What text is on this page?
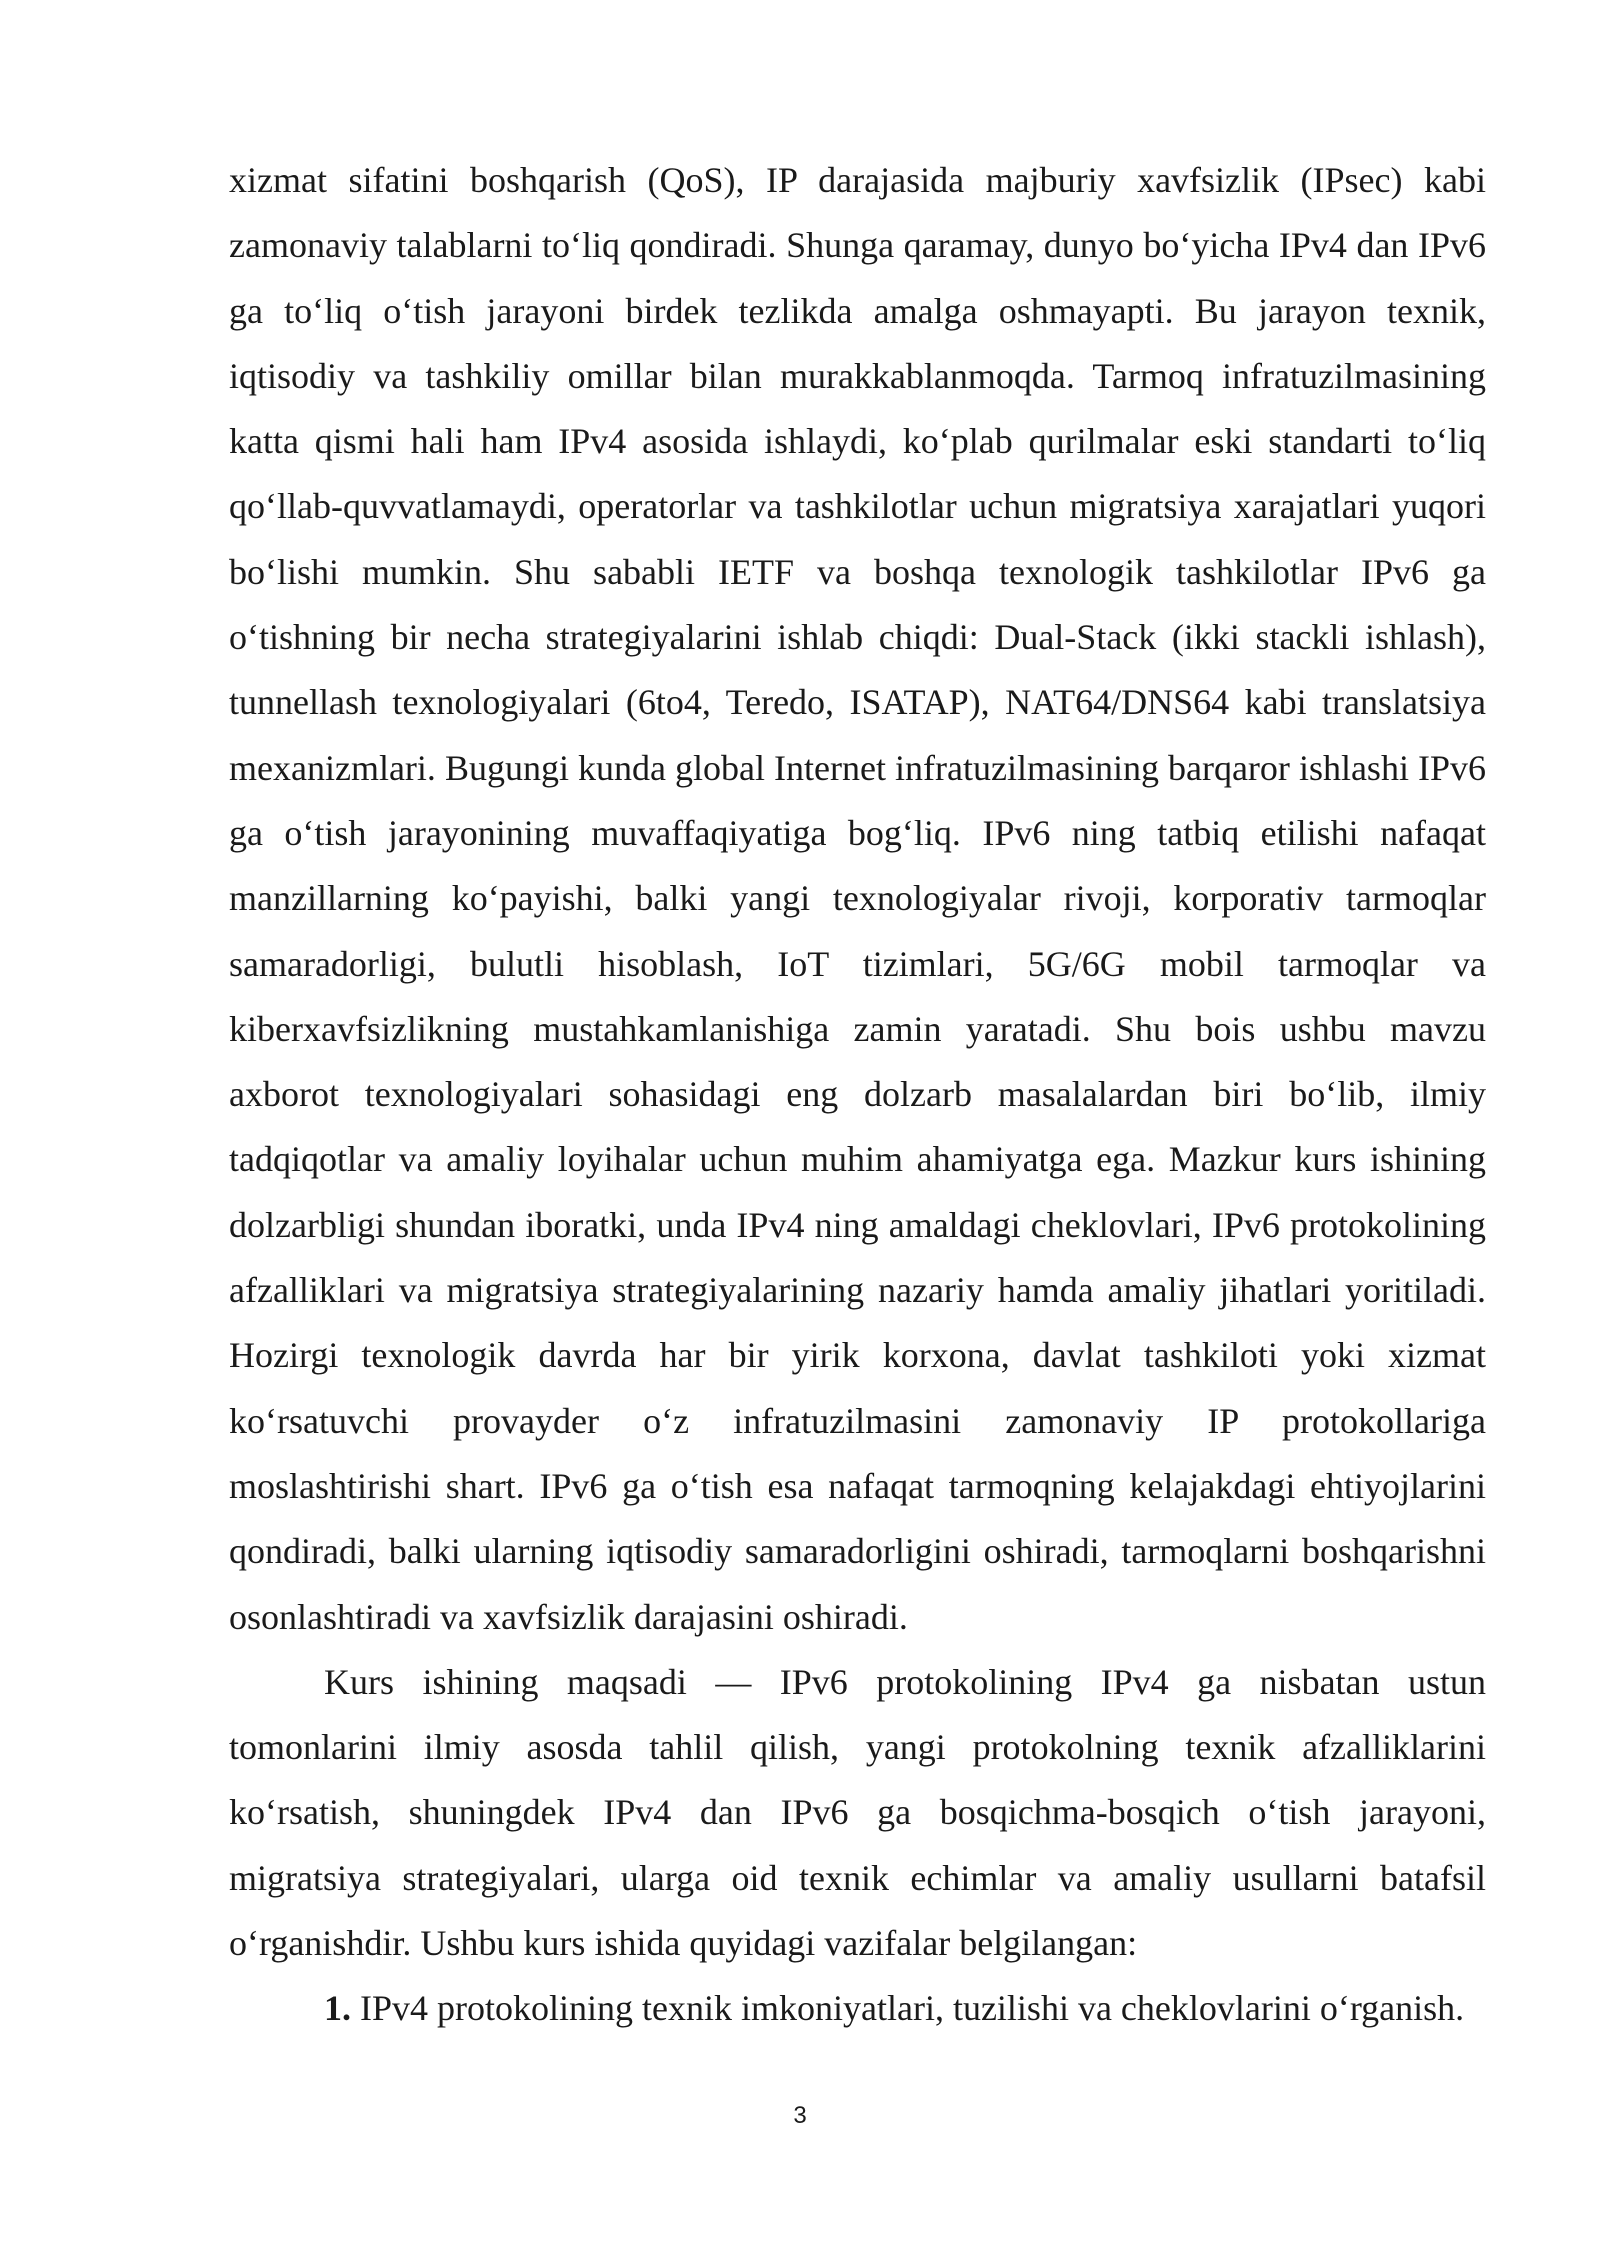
xizmat sifatini boshqarish (QoS), IP darajasida majburiy xavfsizlik (IPsec) kabi zamonaviy talablarni to‘liq qondiradi. Shunga qaramay, dunyo bo‘yicha IPv4 dan IPv6 ga to‘liq o‘tish jarayoni birdek tezlikda amalga oshmayapti. Bu jarayon texnik, iqtisodiy va tashkiliy omillar bilan murakkablanmoqda. Tarmoq infratuzilmasining katta qismi hali ham IPv4 asosida ishlaydi, ko‘plab qurilmalar eski standarti to‘liq qo‘llab-quvvatlamaydi, operatorlar va tashkilotlar uchun migratsiya xarajatlari yuqori bo‘lishi mumkin. Shu sababli IETF va boshqa texnologik tashkilotlar IPv6 ga o‘tishning bir necha strategiyalarini ishlab chiqdi: Dual-Stack (ikki stackli ishlash), tunnellash texnologiyalari (6to4, Teredo, ISATAP), NAT64/DNS64 kabi translatsiya mexanizmlari. Bugungi kunda global Internet infratuzilmasining barqaror ishlashi IPv6 ga o‘tish jarayonining muvaffaqiyatiga bog‘liq. IPv6 ning tatbiq etilishi nafaqat manzillarning ko‘payishi, balki yangi texnologiyalar rivoji, korporativ tarmoqlar samaradorligi, bulutli hisoblash, IoT tizimlari, 5G/6G mobil tarmoqlar va kiberxavfsizlikning mustahkamlanishiga zamin yaratadi. Shu bois ushbu mavzu axborot texnologiyalari sohasidagi eng dolzarb masalalardan biri bo‘lib, ilmiy tadqiqotlar va amaliy loyihalar uchun muhim ahamiyatga ega. Mazkur kurs ishining dolzarbligi shundan iboratki, unda IPv4 ning amaldagi cheklovlari, IPv6 protokolining afzalliklari va migratsiya strategiyalarining nazariy hamda amaliy jihatlari yoritiladi. Hozirgi texnologik davrda har bir yirik korxona, davlat tashkiloti yoki xizmat ko‘rsatuvchi provayder o‘z infratuzilmasini zamonaviy IP protokollariga moslashtirishi shart. IPv6 ga o‘tish esa nafaqat tarmoqning kelajakdagi ehtiyojlarini qondiradi, balki ularning iqtisodiy samaradorligini oshiradi, tarmoqlarni boshqarishni osonlashtiradi va xavfsizlik darajasini oshiradi.

Kurs ishining maqsadi — IPv6 protokolining IPv4 ga nisbatan ustun tomonlarini ilmiy asosda tahlil qilish, yangi protokolning texnik afzalliklarini ko‘rsatish, shuningdek IPv4 dan IPv6 ga bosqichma-bosqich o‘tish jarayoni, migratsiya strategiyalari, ularga oid texnik echimlar va amaliy usullarni batafsil o‘rganishdir. Ushbu kurs ishida quyidagi vazifalar belgilangan:

1. IPv4 protokolining texnik imkoniyatlari, tuzilishi va cheklovlarini o‘rganish.

3
